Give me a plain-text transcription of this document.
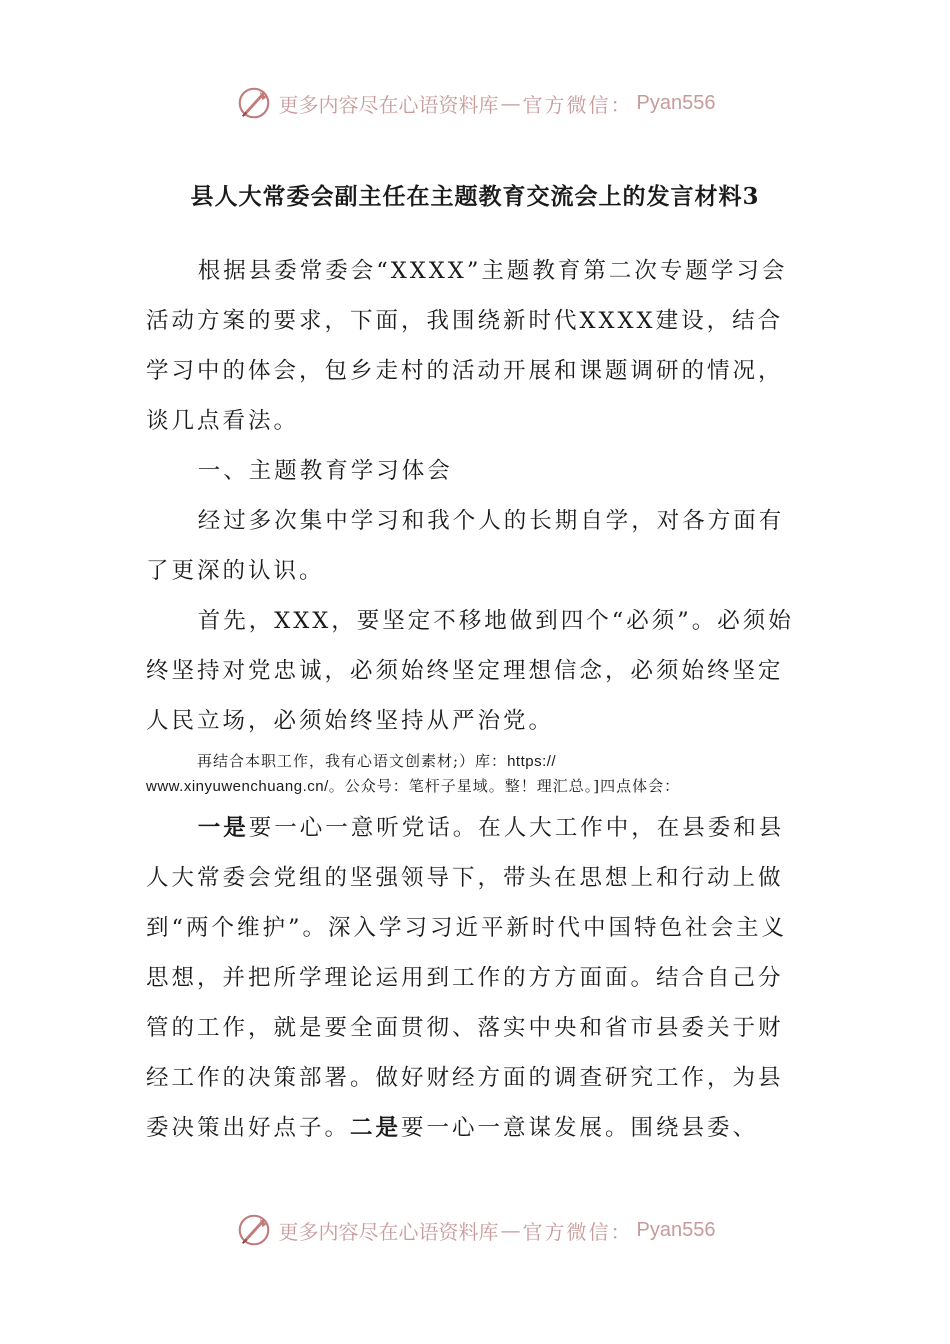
更多内容尽在心语资料库 — 官方微信： Pyan556
县人大常委会副主任在主题教育交流会上的发言材料3

根据县委常委会“XXXX”主题教育第二次专题学习会活动方案的要求，下面，我围绕新时代XXXX建设，结合学习中的体会，包乡走村的活动开展和课题调研的情况，谈几点看法。

一、主题教育学习体会

经过多次集中学习和我个人的长期自学，对各方面有了更深的认识。

首先，XXX，要坚定不移地做到四个“必须”。必须始终坚持对党忠诚，必须始终坚定理想信念，必须始终坚定人民立场，必须始终坚持从严治党。

再结合本职工作，我有心语文创素材;）库：https://
www.xinyuwenchuang.cn/。公众号：笔杆子星域。整！理汇总。]四点体会：

一是要一心一意听党话。在人大工作中，在县委和县人大常委会党组的坚强领导下，带头在思想上和行动上做到“两个维护”。深入学习习近平新时代中国特色社会主义思想，并把所学理论运用到工作的方方面面。结合自己分管的工作，就是要全面贯彻、落实中央和省市县委关于财经工作的决策部署。做好财经方面的调查研究工作，为县委决策出好点子。二是要一心一意谋发展。围绕县委、

更多内容尽在心语资料库 — 官方微信： Pyan556
